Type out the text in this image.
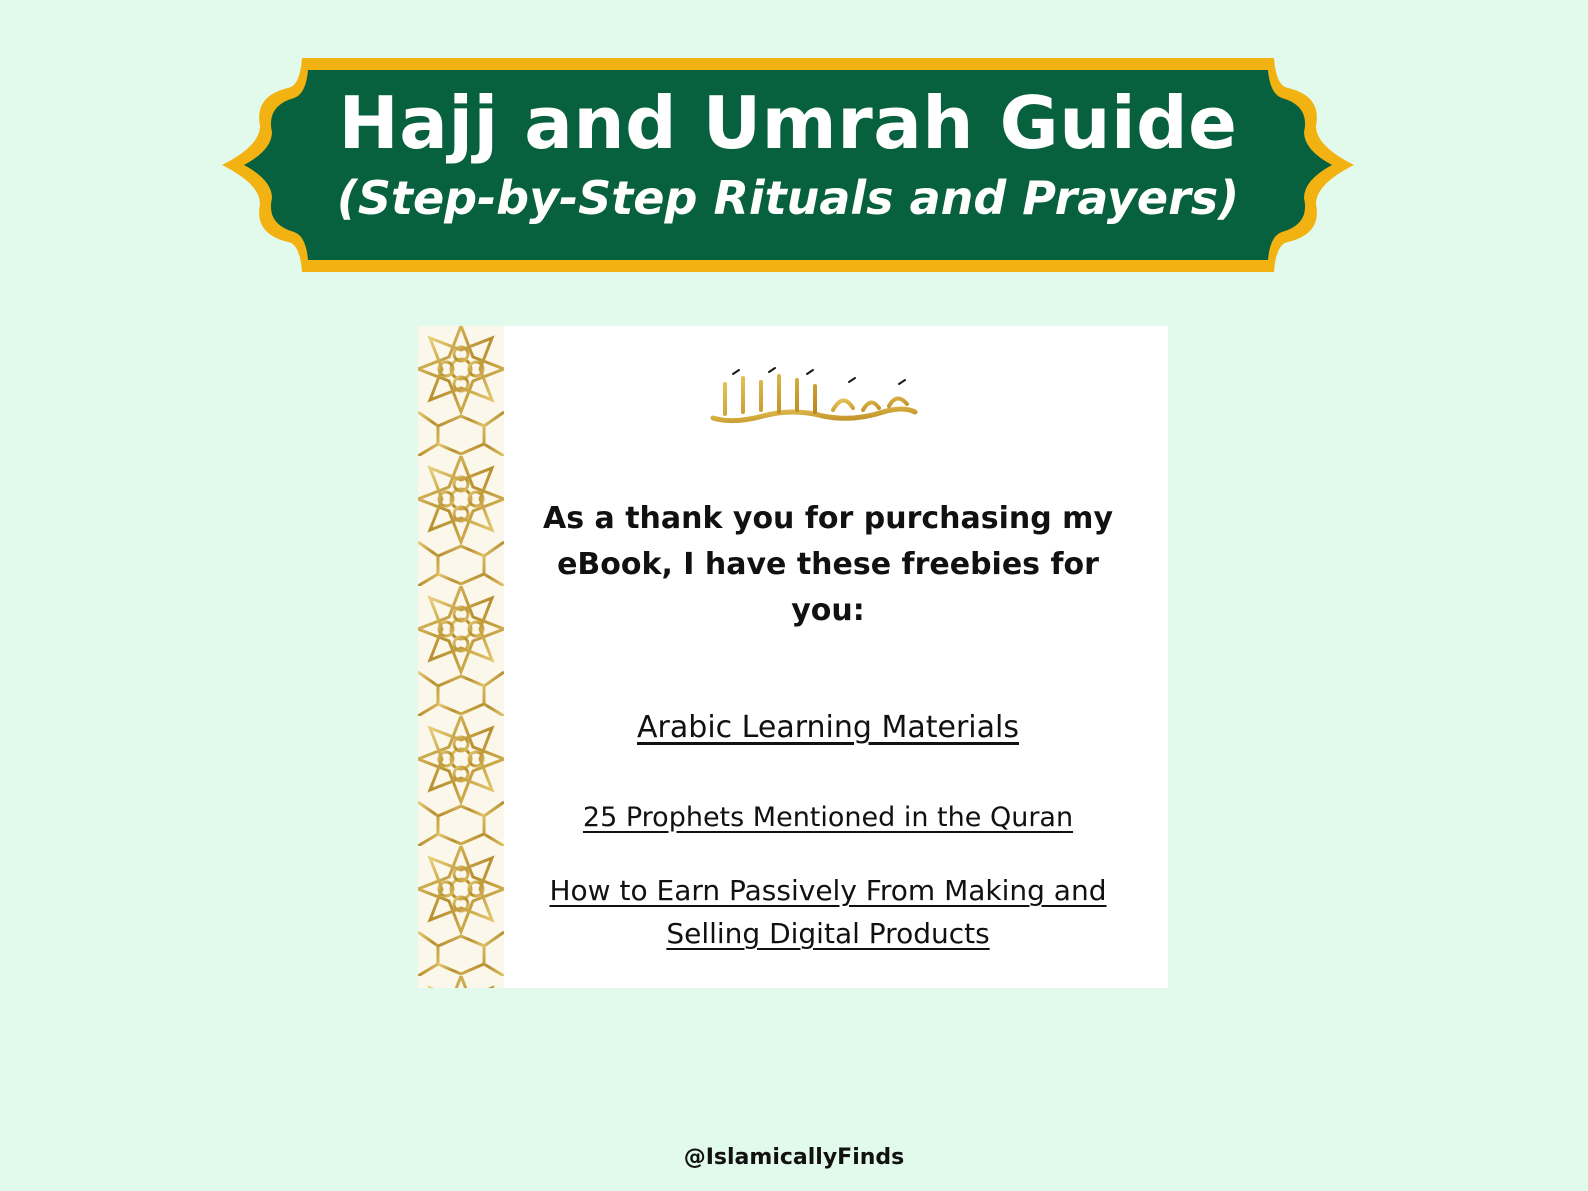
Hajj and Umrah Guide
(Step-by-Step Rituals and Prayers)
As a thank you for purchasing my eBook, I have these freebies for you:
Arabic Learning Materials
25 Prophets Mentioned in the Quran
How to Earn Passively From Making and Selling Digital Products
@IslamicallyFinds
